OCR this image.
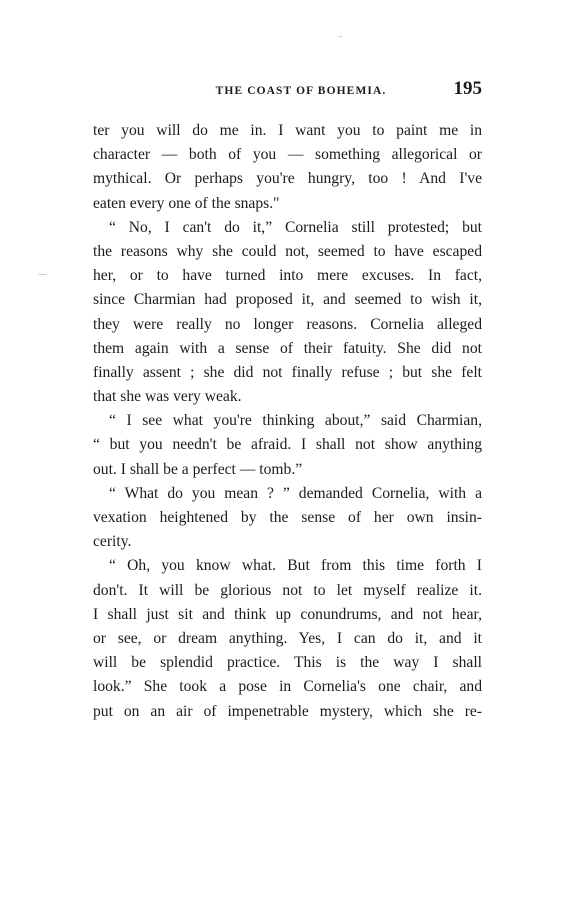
THE COAST OF BOHEMIA.	195
‿
ter you will do me in. I want you to paint me in
character — both of you — something allegorical or
mythical. Or perhaps you're hungry, too ! And I've
eaten every one of the snaps."
“ No, I can't do it,” Cornelia still protested; but
the reasons why she could not, seemed to have escaped
her, or to have turned into mere excuses. In fact,
since Charmian had proposed it, and seemed to wish it,
they were really no longer reasons. Cornelia alleged
them again with a sense of their fatuity. She did not
finally assent ; she did not finally refuse ; but she felt
that she was very weak.
“ I see what you're thinking about,” said Charmian,
“ but you needn't be afraid. I shall not show anything
out. I shall be a perfect — tomb.”
“ What do you mean ? ” demanded Cornelia, with a
vexation heightened by the sense of her own insin-
cerity.
“ Oh, you know what. But from this time forth I
don't. It will be glorious not to let myself realize it.
I shall just sit and think up conundrums, and not hear,
or see, or dream anything. Yes, I can do it, and it
will be splendid practice. This is the way I shall
look.” She took a pose in Cornelia's one chair, and
put on an air of impenetrable mystery, which she re-
